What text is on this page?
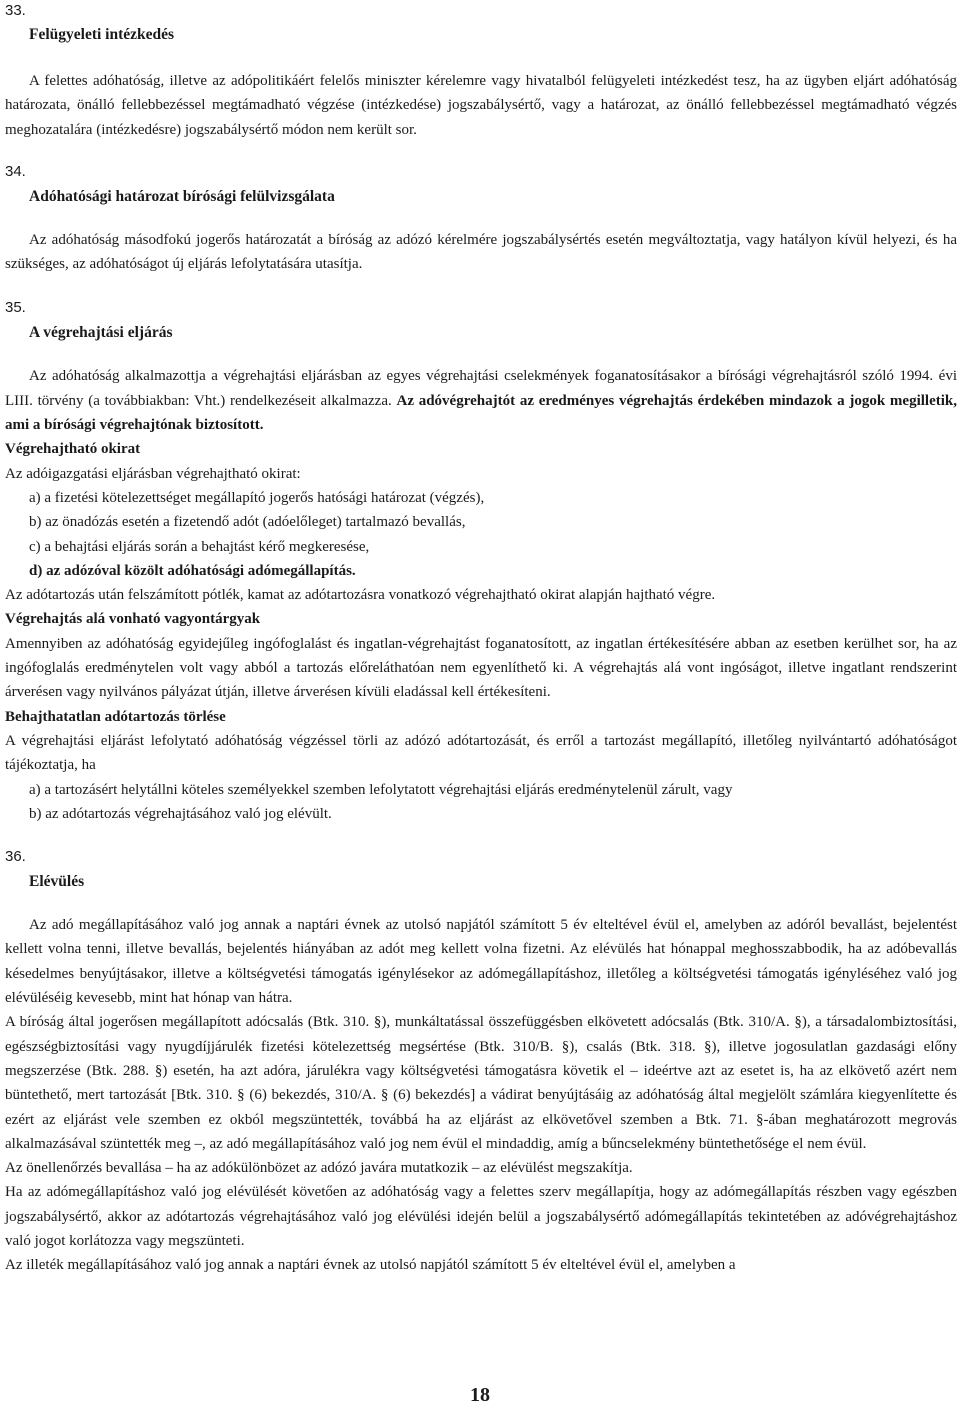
33.
Felügyeleti intézkedés

A felettes adóhatóság, illetve az adópolitikáért felelős miniszter kérelemre vagy hivatalból felügyeleti intézkedést tesz, ha az ügyben eljárt adóhatóság határozata, önálló fellebbezéssel megtámadható végzése (intézkedése) jogszabálysértő, vagy a határozat, az önálló fellebbezéssel megtámadható végzés meghozatalára (intézkedésre) jogszabálysértő módon nem került sor.

34.
Adóhatósági határozat bírósági felülvizsgálata

Az adóhatóság másodfokú jogerős határozatát a bíróság az adózó kérelmére jogszabálysértés esetén megváltoztatja, vagy hatályon kívül helyezi, és ha szükséges, az adóhatóságot új eljárás lefolytatására utasítja.

35.
A végrehajtási eljárás

Az adóhatóság alkalmazottja a végrehajtási eljárásban az egyes végrehajtási cselekmények foganatosításakor a bírósági végrehajtásról szóló 1994. évi LIII. törvény (a továbbiakban: Vht.) rendelkezéseit alkalmazza. Az adóvégrehajtót az eredményes végrehajtás érdekében mindazok a jogok megilletik, ami a bírósági végrehajtónak biztosított.

Végrehajtható okirat

Az adóigazgatási eljárásban végrehajtható okirat:

a) a fizetési kötelezettséget megállapító jogerős hatósági határozat (végzés),

b) az önadózás esetén a fizetendő adót (adóelőleget) tartalmazó bevallás,

c) a behajtási eljárás során a behajtást kérő megkeresése,

d) az adózóval közölt adóhatósági adómegállapítás.

Az adótartozás után felszámított pótlék, kamat az adótartozásra vonatkozó végrehajtható okirat alapján hajtható végre.

Végrehajtás alá vonható vagyontárgyak

Amennyiben az adóhatóság egyidejűleg ingófoglalást és ingatlan-végrehajtást foganatosított, az ingatlan értékesítésére abban az esetben kerülhet sor, ha az ingófoglalás eredménytelen volt vagy abból a tartozás előreláthatóan nem egyenlíthető ki. A végrehajtás alá vont ingóságot, illetve ingatlant rendszerint árverésen vagy nyilvános pályázat útján, illetve árverésen kívüli eladással kell értékesíteni.

Behajthatatlan adótartozás törlése

A végrehajtási eljárást lefolytató adóhatóság végzéssel törli az adózó adótartozását, és erről a tartozást megállapító, illetőleg nyilvántartó adóhatóságot tájékoztatja, ha

a) a tartozásért helytállni köteles személyekkel szemben lefolytatott végrehajtási eljárás eredménytelenül zárult, vagy

b) az adótartozás végrehajtásához való jog elévült.

36.
Elévülés

Az adó megállapításához való jog annak a naptári évnek az utolsó napjától számított 5 év elteltével évül el, amelyben az adóról bevallást, bejelentést kellett volna tenni, illetve bevallás, bejelentés hiányában az adót meg kellett volna fizetni. Az elévülés hat hónappal meghosszabbodik, ha az adóbevallás késedelmes benyújtásakor, illetve a költségvetési támogatás igénylésekor az adómegállapításhoz, illetőleg a költségvetési támogatás igényléséhez való jog elévüléséig kevesebb, mint hat hónap van hátra.

A bíróság által jogerősen megállapított adócsalás (Btk. 310. §), munkáltatással összefüggésben elkövetett adócsalás (Btk. 310/A. §), a társadalombiztosítási, egészségbiztosítási vagy nyugdíjjárulék fizetési kötelezettség megsértése (Btk. 310/B. §), csalás (Btk. 318. §), illetve jogosulatlan gazdasági előny megszerzése (Btk. 288. §) esetén, ha azt adóra, járulékra vagy költségvetési támogatásra követik el – ideértve azt az esetet is, ha az elkövető azért nem büntethető, mert tartozását [Btk. 310. § (6) bekezdés, 310/A. § (6) bekezdés] a vádirat benyújtásáig az adóhatóság által megjelölt számlára kiegyenlítette és ezért az eljárást vele szemben ez okból megszüntették, továbbá ha az eljárást az elkövetővel szemben a Btk. 71. §-ában meghatározott megrovás alkalmazásával szüntették meg –, az adó megállapításához való jog nem évül el mindaddig, amíg a bűncselekmény büntethetősége el nem évül.

Az önellenőrzés bevallása – ha az adókülönbözet az adózó javára mutatkozik – az elévülést megszakítja.

Ha az adómegállapításhoz való jog elévülését követően az adóhatóság vagy a felettes szerv megállapítja, hogy az adómegállapítás részben vagy egészben jogszabálysértő, akkor az adótartozás végrehajtásához való jog elévülési idején belül a jogszabálysértő adómegállapítás tekintetében az adóvégrehajtáshoz való jogot korlátozza vagy megszünteti.

Az illeték megállapításához való jog annak a naptári évnek az utolsó napjától számított 5 év elteltével évül el, amelyben a

18
